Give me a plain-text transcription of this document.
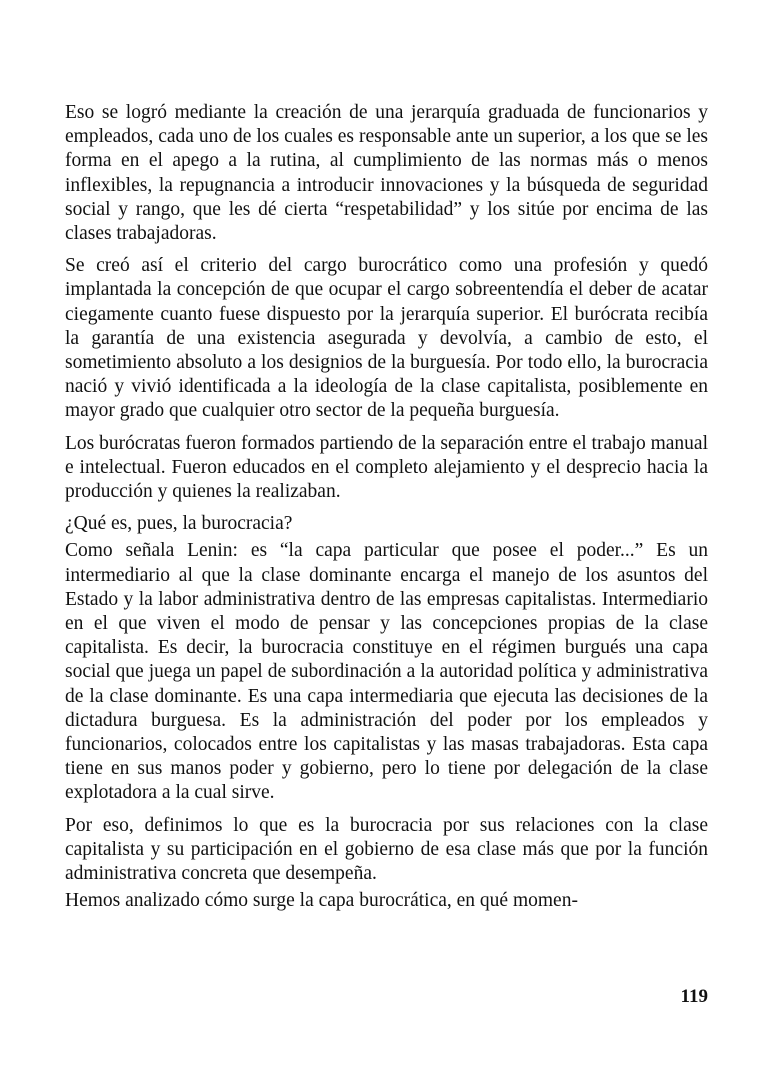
Eso se logró mediante la creación de una jerarquía graduada de funcionarios y empleados, cada uno de los cuales es responsable ante un superior, a los que se les forma en el apego a la rutina, al cumplimiento de las normas más o menos inflexibles, la repugnancia a introducir innovaciones y la búsqueda de seguridad social y rango, que les dé cierta “respetabilidad” y los sitúe por encima de las clases trabajadoras.

Se creó así el criterio del cargo burocrático como una profesión y quedó implantada la concepción de que ocupar el cargo sobreentendía el deber de acatar ciegamente cuanto fuese dispuesto por la jerarquía superior. El burócrata recibía la garantía de una existencia asegurada y devolvía, a cambio de esto, el sometimiento absoluto a los designios de la burguesía. Por todo ello, la burocracia nació y vivió identificada a la ideología de la clase capitalista, posiblemente en mayor grado que cualquier otro sector de la pequeña burguesía.

Los burócratas fueron formados partiendo de la separación entre el trabajo manual e intelectual. Fueron educados en el completo alejamiento y el desprecio hacia la producción y quienes la realizaban.

¿Qué es, pues, la burocracia?

Como señala Lenin: es “la capa particular que posee el poder...” Es un intermediario al que la clase dominante encarga el manejo de los asuntos del Estado y la labor administrativa dentro de las empresas capitalistas. Intermediario en el que viven el modo de pensar y las concepciones propias de la clase capitalista. Es decir, la burocracia constituye en el régimen burgués una capa social que juega un papel de subordinación a la autoridad política y administrativa de la clase dominante. Es una capa intermediaria que ejecuta las decisiones de la dictadura burguesa. Es la administración del poder por los empleados y funcionarios, colocados entre los capitalistas y las masas trabajadoras. Esta capa tiene en sus manos poder y gobierno, pero lo tiene por delegación de la clase explotadora a la cual sirve.

Por eso, definimos lo que es la burocracia por sus relaciones con la clase capitalista y su participación en el gobierno de esa clase más que por la función administrativa concreta que desempeña.

Hemos analizado cómo surge la capa burocrática, en qué momen-

119
